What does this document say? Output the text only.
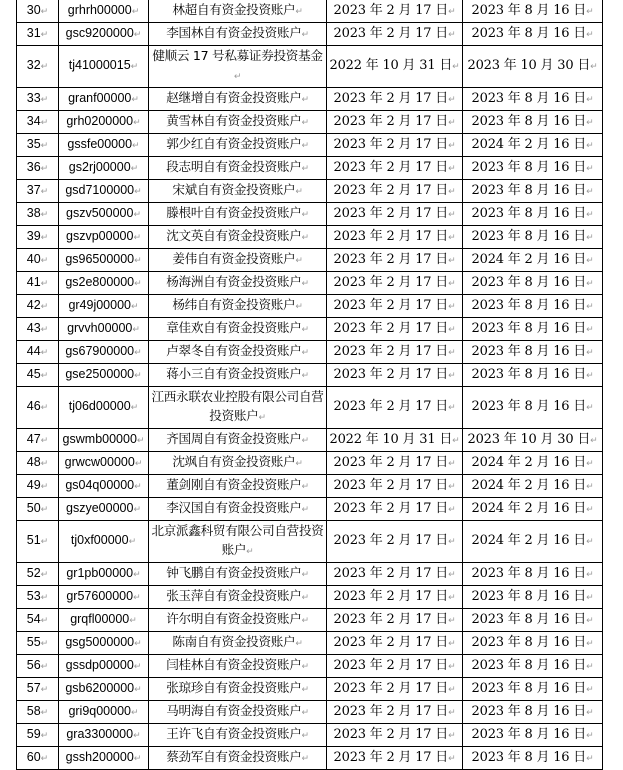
30↵	grhrh00000↵	林超自有资金投资账户↵	2023 年 2 月 17 日↵	2023 年 8 月 16 日↵
31↵	gsc9200000↵	李国林自有资金投资账户↵	2023 年 2 月 17 日↵	2023 年 8 月 16 日↵
32↵	tj41000015↵	健顺云 17 号私募证券投资基金↵	2022 年 10 月 31 日↵	2023 年 10 月 30 日↵
33↵	granf00000↵	赵继增自有资金投资账户↵	2023 年 2 月 17 日↵	2023 年 8 月 16 日↵
34↵	grh0200000↵	黄雪林自有资金投资账户↵	2023 年 2 月 17 日↵	2023 年 8 月 16 日↵
35↵	gssfe00000↵	郭少红自有资金投资账户↵	2023 年 2 月 17 日↵	2024 年 2 月 16 日↵
36↵	gs2rj00000↵	段志明自有资金投资账户↵	2023 年 2 月 17 日↵	2023 年 8 月 16 日↵
37↵	gsd7100000↵	宋斌自有资金投资账户↵	2023 年 2 月 17 日↵	2023 年 8 月 16 日↵
38↵	gszv500000↵	滕根叶自有资金投资账户↵	2023 年 2 月 17 日↵	2023 年 8 月 16 日↵
39↵	gszvp00000↵	沈文英自有资金投资账户↵	2023 年 2 月 17 日↵	2023 年 8 月 16 日↵
40↵	gs96500000↵	姜伟自有资金投资账户↵	2023 年 2 月 17 日↵	2024 年 2 月 16 日↵
41↵	gs2e800000↵	杨海洲自有资金投资账户↵	2023 年 2 月 17 日↵	2023 年 8 月 16 日↵
42↵	gr49j00000↵	杨纬自有资金投资账户↵	2023 年 2 月 17 日↵	2023 年 8 月 16 日↵
43↵	grvvh00000↵	章佳欢自有资金投资账户↵	2023 年 2 月 17 日↵	2023 年 8 月 16 日↵
44↵	gs67900000↵	卢翠冬自有资金投资账户↵	2023 年 2 月 17 日↵	2023 年 8 月 16 日↵
45↵	gse2500000↵	蒋小三自有资金投资账户↵	2023 年 2 月 17 日↵	2023 年 8 月 16 日↵
46↵	tj06d00000↵	江西永联农业控股有限公司自营投资账户↵	2023 年 2 月 17 日↵	2023 年 8 月 16 日↵
47↵	gswmb00000↵	齐国周自有资金投资账户↵	2022 年 10 月 31 日↵	2023 年 10 月 30 日↵
48↵	grwcw00000↵	沈飒自有资金投资账户↵	2023 年 2 月 17 日↵	2024 年 2 月 16 日↵
49↵	gs04q00000↵	董剑刚自有资金投资账户↵	2023 年 2 月 17 日↵	2024 年 2 月 16 日↵
50↵	gszye00000↵	李汉国自有资金投资账户↵	2023 年 2 月 17 日↵	2024 年 2 月 16 日↵
51↵	tj0xf00000↵	北京派鑫科贸有限公司自营投资账户↵	2023 年 2 月 17 日↵	2024 年 2 月 16 日↵
52↵	gr1pb00000↵	钟飞鹏自有资金投资账户↵	2023 年 2 月 17 日↵	2023 年 8 月 16 日↵
53↵	gr57600000↵	张玉萍自有资金投资账户↵	2023 年 2 月 17 日↵	2023 年 8 月 16 日↵
54↵	grqfl00000↵	许尔明自有资金投资账户↵	2023 年 2 月 17 日↵	2023 年 8 月 16 日↵
55↵	gsg5000000↵	陈南自有资金投资账户↵	2023 年 2 月 17 日↵	2023 年 8 月 16 日↵
56↵	gssdp00000↵	闫桂林自有资金投资账户↵	2023 年 2 月 17 日↵	2023 年 8 月 16 日↵
57↵	gsb6200000↵	张琼珍自有资金投资账户↵	2023 年 2 月 17 日↵	2023 年 8 月 16 日↵
58↵	gri9q00000↵	马明海自有资金投资账户↵	2023 年 2 月 17 日↵	2023 年 8 月 16 日↵
59↵	gra3300000↵	王许飞自有资金投资账户↵	2023 年 2 月 17 日↵	2023 年 8 月 16 日↵
60↵	gssh200000↵	蔡劲军自有资金投资账户↵	2023 年 2 月 17 日↵	2023 年 8 月 16 日↵
